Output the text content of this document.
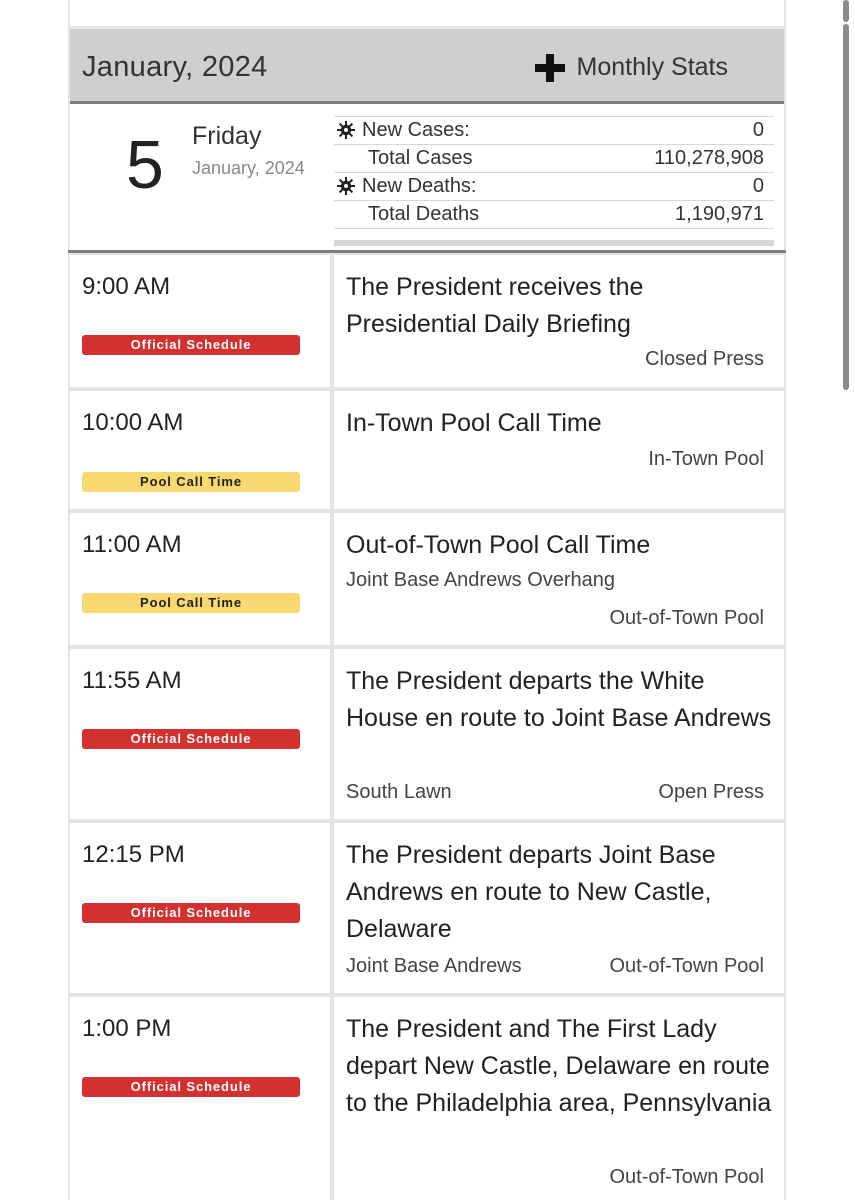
January, 2024	Monthly Stats
5 Friday
January, 2024
New Cases:	0
Total Cases	110,278,908
New Deaths:	0
Total Deaths	1,190,971
9:00 AM
Official Schedule
The President receives the Presidential Daily Briefing
Closed Press
10:00 AM
Pool Call Time
In-Town Pool Call Time
In-Town Pool
11:00 AM
Pool Call Time
Out-of-Town Pool Call Time
Joint Base Andrews Overhang
Out-of-Town Pool
11:55 AM
Official Schedule
The President departs the White House en route to Joint Base Andrews
South Lawn	Open Press
12:15 PM
Official Schedule
The President departs Joint Base Andrews en route to New Castle, Delaware
Joint Base Andrews	Out-of-Town Pool
1:00 PM
Official Schedule
The President and The First Lady depart New Castle, Delaware en route to the Philadelphia area, Pennsylvania
Out-of-Town Pool
